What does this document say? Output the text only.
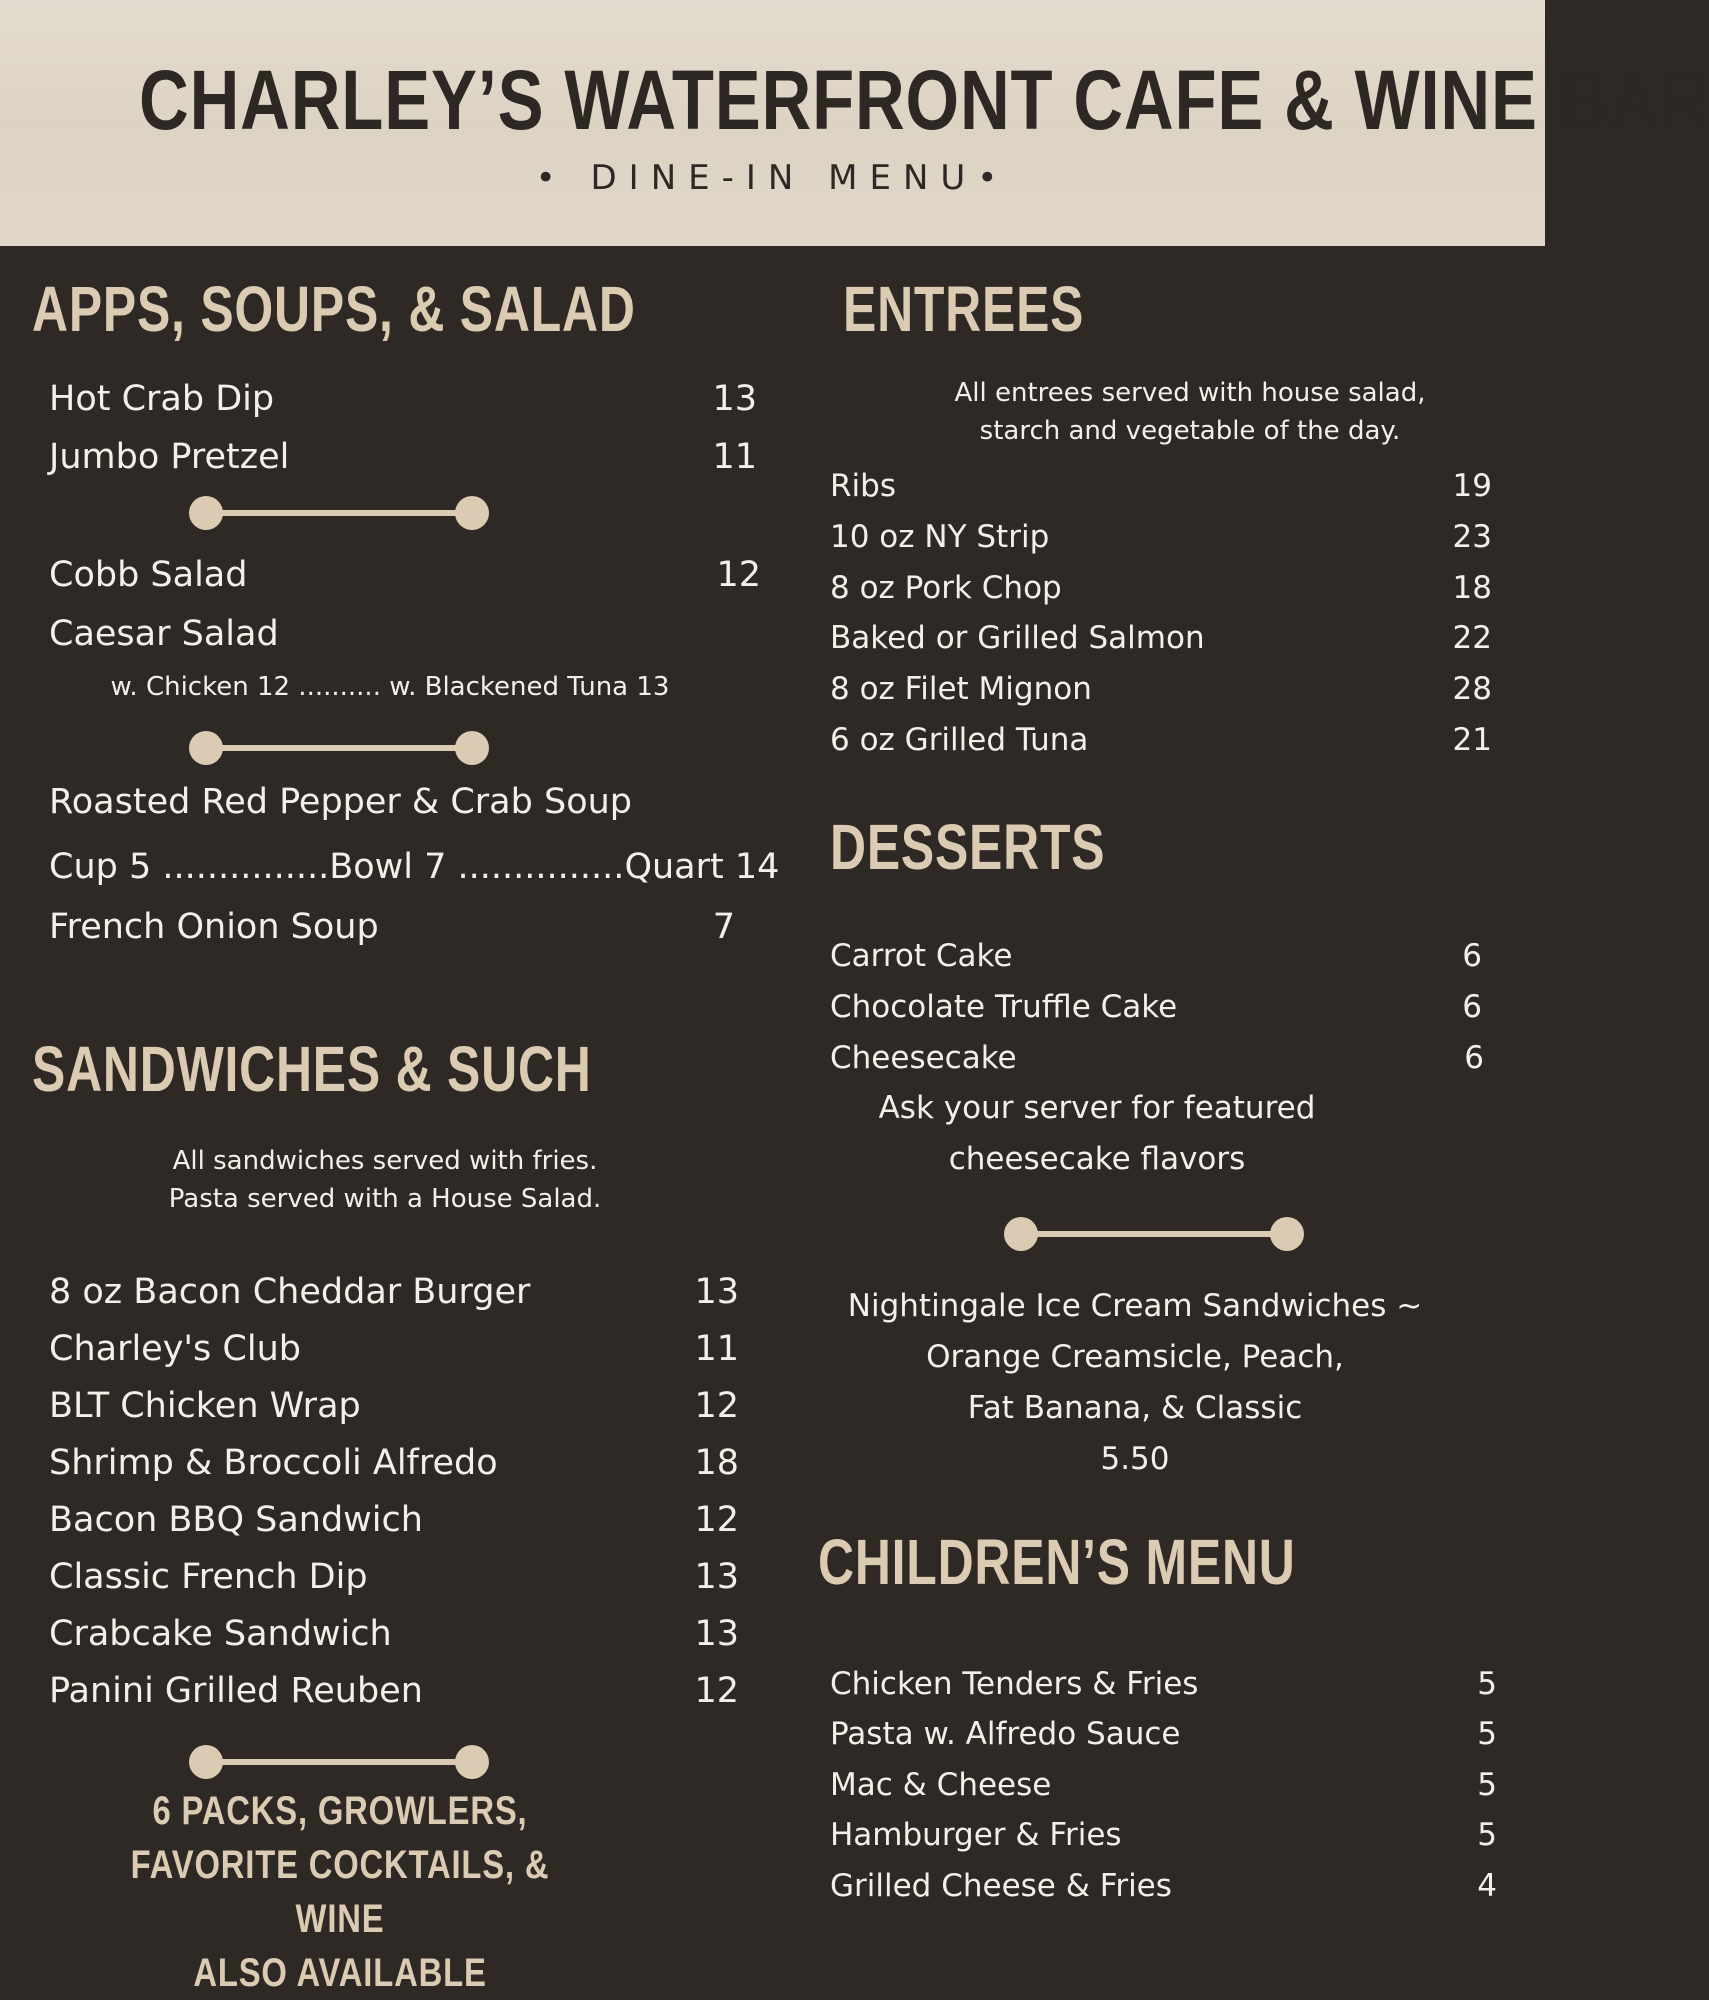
CHARLEY’S WATERFRONT CAFE & WINE BAR
• DINE-IN MENU•
APPS, SOUPS, & SALAD
Hot Crab Dip	13
Jumbo Pretzel	11
Cobb Salad	12
Caesar Salad
w. Chicken 12 .......... w. Blackened Tuna 13
Roasted Red Pepper & Crab Soup
Cup 5 ............... Bowl 7 ............... Quart 14
French Onion Soup	7
SANDWICHES & SUCH
All sandwiches served with fries.
Pasta served with a House Salad.
8 oz Bacon Cheddar Burger	13
Charley's Club	11
BLT Chicken Wrap	12
Shrimp & Broccoli Alfredo	18
Bacon BBQ Sandwich	12
Classic French Dip	13
Crabcake Sandwich	13
Panini Grilled Reuben	12
6 PACKS, GROWLERS,
FAVORITE COCKTAILS, & WINE
ALSO AVAILABLE
ENTREES
All entrees served with house salad,
starch and vegetable of the day.
Ribs	19
10 oz NY Strip	23
8 oz Pork Chop	18
Baked or Grilled Salmon	22
8 oz Filet Mignon	28
6 oz Grilled Tuna	21
DESSERTS
Carrot Cake	6
Chocolate Truffle Cake	6
Cheesecake	6
Ask your server for featured
cheesecake flavors
Nightingale Ice Cream Sandwiches ~
Orange Creamsicle, Peach,
Fat Banana, & Classic
5.50
CHILDREN’S MENU
Chicken Tenders & Fries	5
Pasta w. Alfredo Sauce	5
Mac & Cheese	5
Hamburger & Fries	5
Grilled Cheese & Fries	4
